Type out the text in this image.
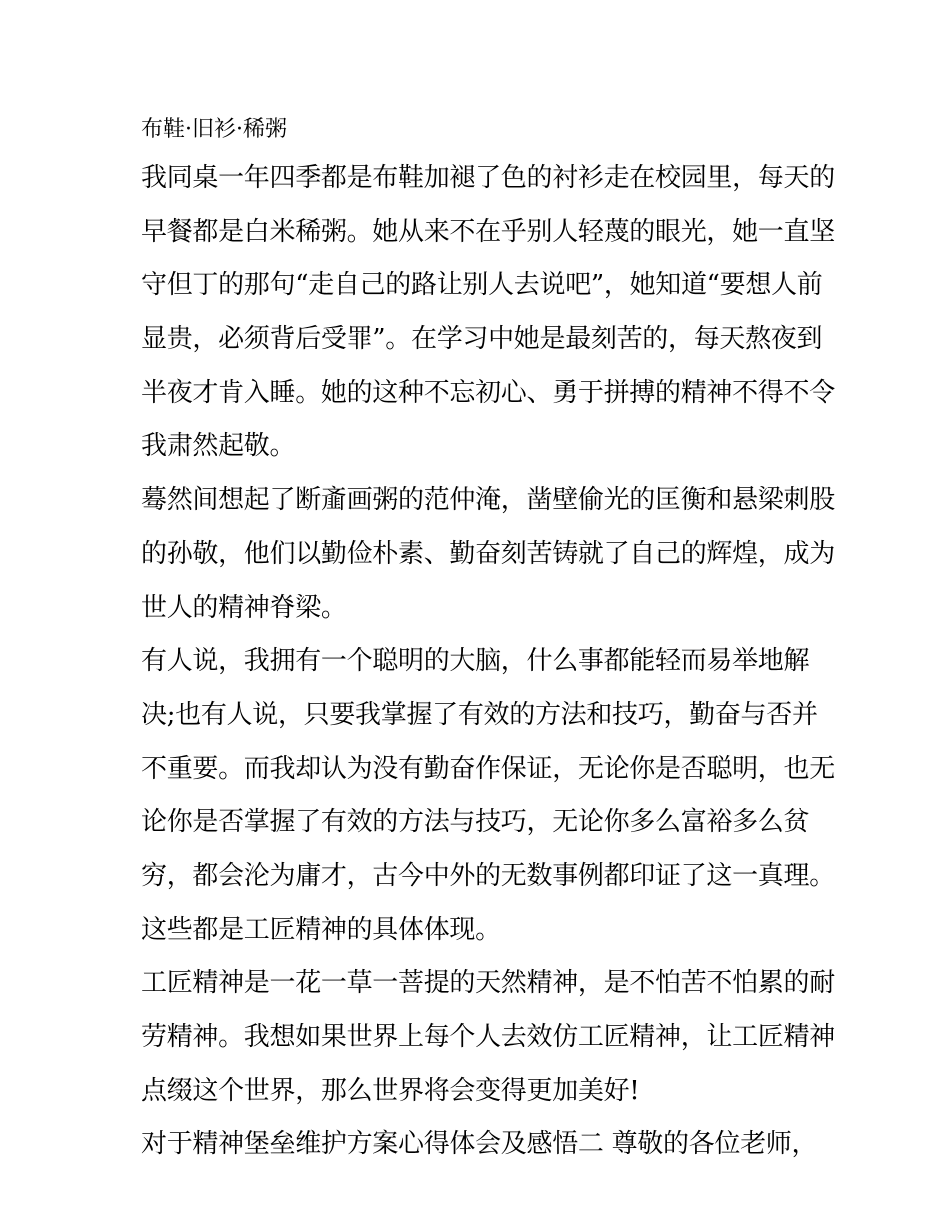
布鞋·旧衫·稀粥
我同桌一年四季都是布鞋加褪了色的衬衫走在校园里，每天的
早餐都是白米稀粥。她从来不在乎别人轻蔑的眼光，她一直坚
守但丁的那句“走自己的路让别人去说吧”，她知道“要想人前
显贵，必须背后受罪”。在学习中她是最刻苦的，每天熬夜到
半夜才肯入睡。她的这种不忘初心、勇于拼搏的精神不得不令
我肃然起敬。
蓦然间想起了断齑画粥的范仲淹，凿壁偷光的匡衡和悬梁刺股
的孙敬，他们以勤俭朴素、勤奋刻苦铸就了自己的辉煌，成为
世人的精神脊梁。
有人说，我拥有一个聪明的大脑，什么事都能轻而易举地解
决;也有人说，只要我掌握了有效的方法和技巧，勤奋与否并
不重要。而我却认为没有勤奋作保证，无论你是否聪明，也无
论你是否掌握了有效的方法与技巧，无论你多么富裕多么贫
穷，都会沦为庸才，古今中外的无数事例都印证了这一真理。
这些都是工匠精神的具体体现。
工匠精神是一花一草一菩提的天然精神，是不怕苦不怕累的耐
劳精神。我想如果世界上每个人去效仿工匠精神，让工匠精神
点缀这个世界，那么世界将会变得更加美好!
对于精神堡垒维护方案心得体会及感悟二 尊敬的各位老师，
